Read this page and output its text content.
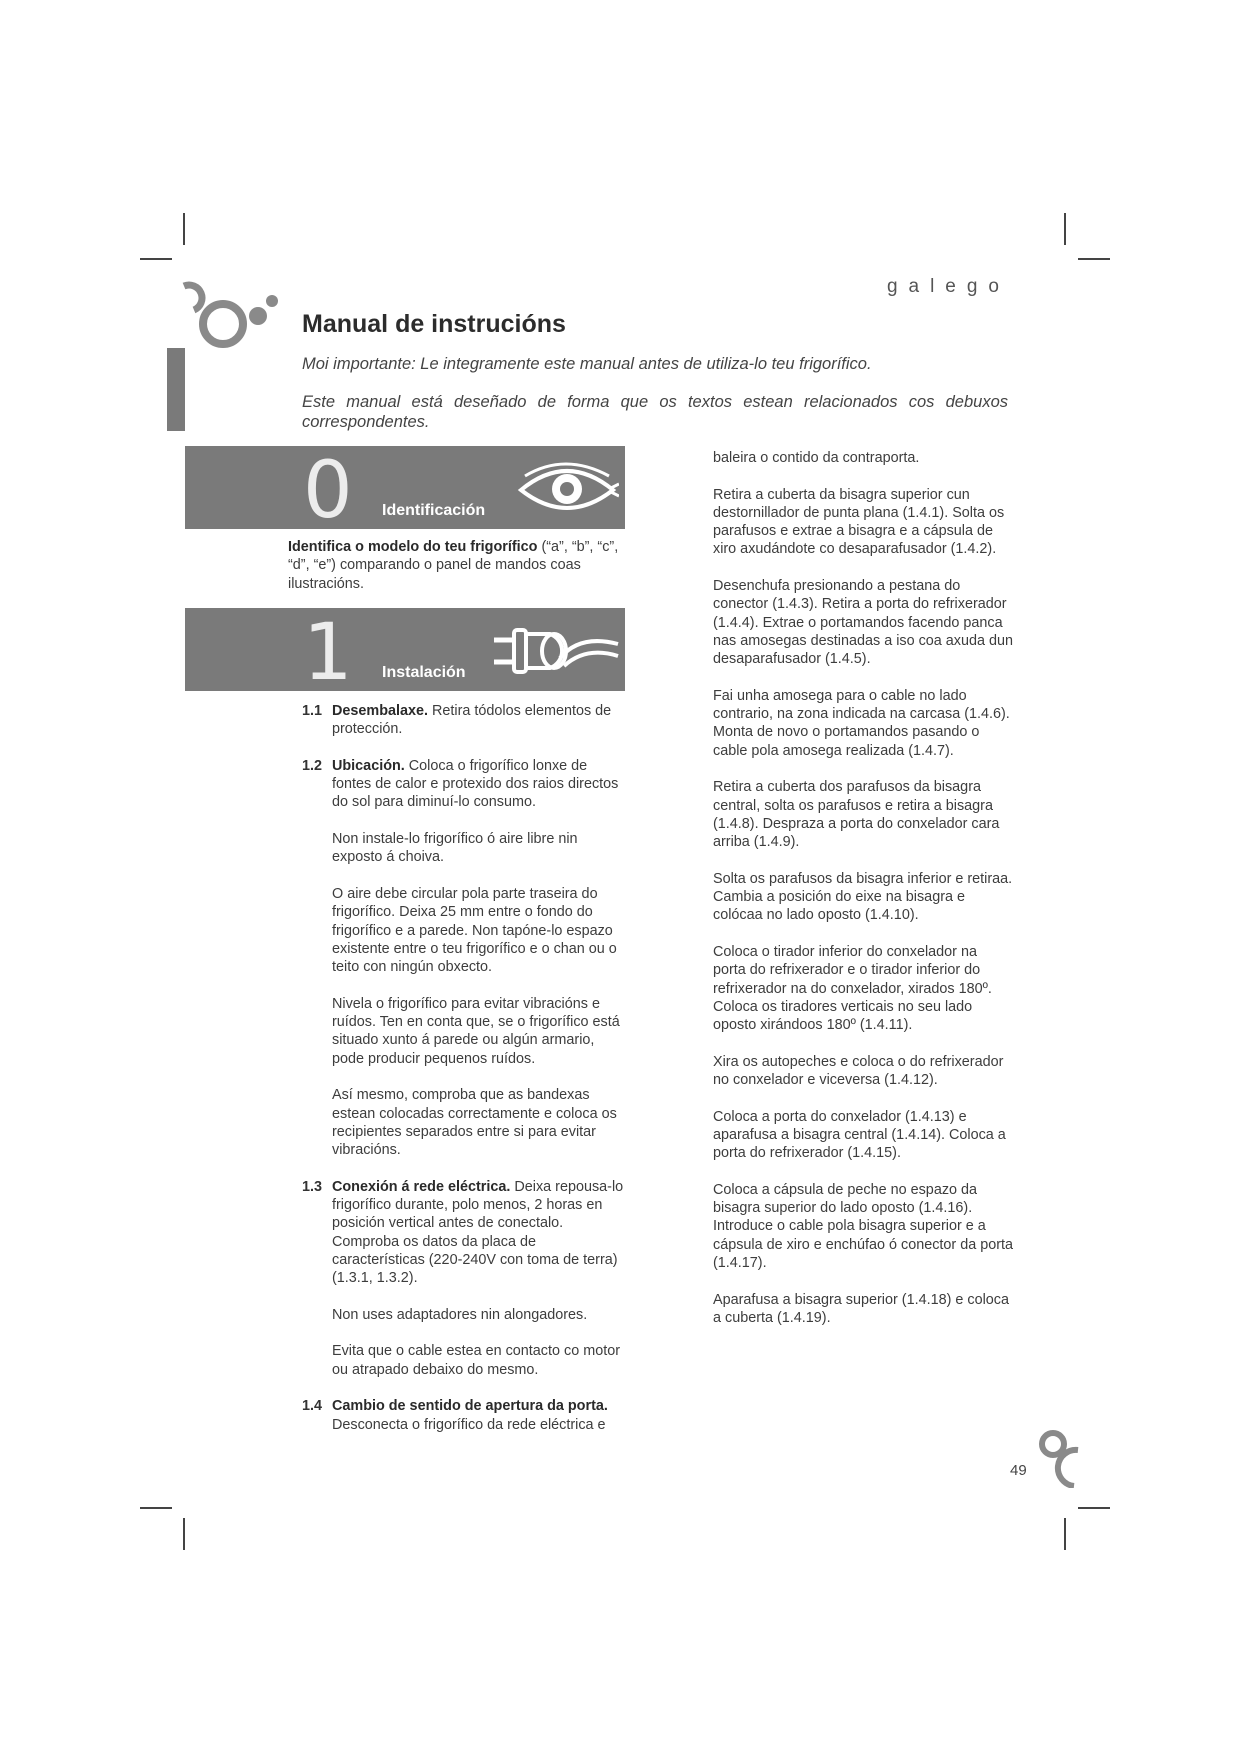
galego
Manual de instrucións

Moi importante: Le integramente este manual antes de utiliza-lo teu frigorífico.

Este manual está deseñado de forma que os textos estean relacionados cos debuxos correspondentes.

0 Identificación

Identifica o modelo do teu frigorífico (“a”, “b”, “c”, “d”, “e”) comparando o panel de mandos coas ilustracións.

1 Instalación
1.1 Desembalaxe. Retira tódolos elementos de protección.

1.2 Ubicación. Coloca o frigorífico lonxe de fontes de calor e protexido dos raios directos do sol para diminuí-lo consumo.

Non instale-lo frigorífico ó aire libre nin exposto á choiva.

O aire debe circular pola parte traseira do frigorífico. Deixa 25 mm entre o fondo do frigorífico e a parede. Non tapóne-lo espazo existente entre o teu frigorífico e o chan ou o teito con ningún obxecto.

Nivela o frigorífico para evitar vibracións e ruídos. Ten en conta que, se o frigorífico está situado xunto á parede ou algún armario, pode producir pequenos ruídos.

Así mesmo, comproba que as bandexas estean colocadas correctamente e coloca os recipientes separados entre si para evitar vibracións.

1.3 Conexión á rede eléctrica. Deixa repousa-lo frigorífico durante, polo menos, 2 horas en posición vertical antes de conectalo. Comproba os datos da placa de características (220-240V con toma de terra) (1.3.1, 1.3.2).

Non uses adaptadores nin alongadores.

Evita que o cable estea en contacto co motor ou atrapado debaixo do mesmo.

1.4 Cambio de sentido de apertura da porta.
Desconecta o frigorífico da rede eléctrica e

baleira o contido da contraporta.

Retira a cuberta da bisagra superior cun destornillador de punta plana (1.4.1). Solta os parafusos e extrae a bisagra e a cápsula de xiro axudándote co desaparafusador (1.4.2).

Desenchufa presionando a pestana do conector (1.4.3). Retira a porta do refrixerador (1.4.4). Extrae o portamandos facendo panca nas amosegas destinadas a iso coa axuda dun desaparafusador (1.4.5).

Fai unha amosega para o cable no lado contrario, na zona indicada na carcasa (1.4.6). Monta de novo o portamandos pasando o cable pola amosega realizada (1.4.7).

Retira a cuberta dos parafusos da bisagra central, solta os parafusos e retira a bisagra (1.4.8). Despraza a porta do conxelador cara arriba (1.4.9).

Solta os parafusos da bisagra inferior e retiraa. Cambia a posición do eixe na bisagra e colócaa no lado oposto (1.4.10).

Coloca o tirador inferior do conxelador na porta do refrixerador e o tirador inferior do refrixerador na do conxelador, xirados 180º. Coloca os tiradores verticais no seu lado oposto xirándoos 180º (1.4.11).

Xira os autopeches e coloca o do refrixerador no conxelador e viceversa (1.4.12).

Coloca a porta do conxelador (1.4.13) e aparafusa a bisagra central (1.4.14). Coloca a porta do refrixerador (1.4.15).

Coloca a cápsula de peche no espazo da bisagra superior do lado oposto (1.4.16). Introduce o cable pola bisagra superior e a cápsula de xiro e enchúfao ó conector da porta (1.4.17).

Aparafusa a bisagra superior (1.4.18) e coloca a cuberta (1.4.19).

49
